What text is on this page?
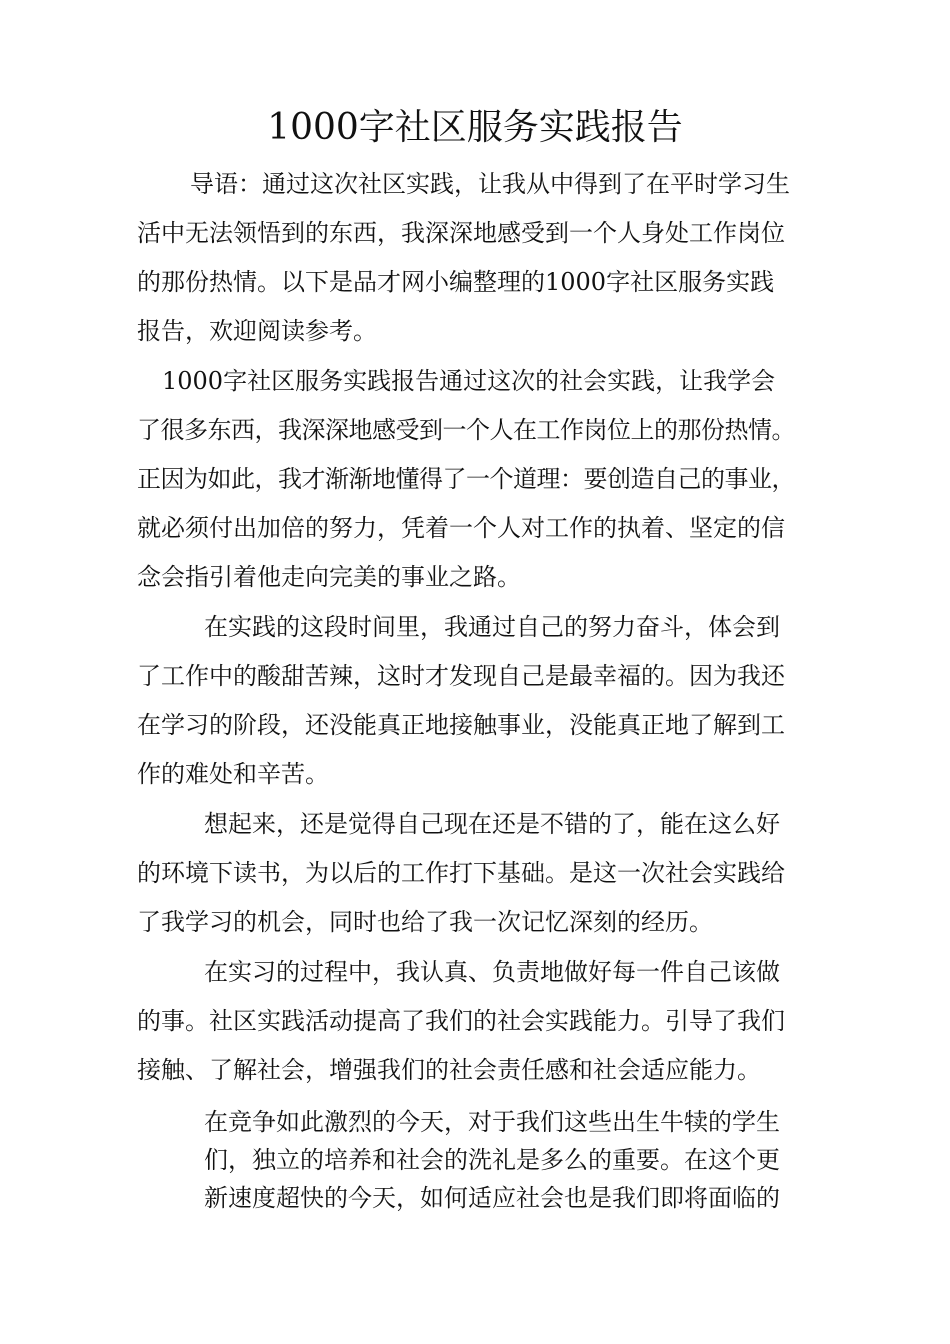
1000字社区服务实践报告
导语：通过这次社区实践，让我从中得到了在平时学习生
活中无法领悟到的东西，我深深地感受到一个人身处工作岗位
的那份热情。以下是品才网小编整理的1000字社区服务实践
报告，欢迎阅读参考。
1000字社区服务实践报告通过这次的社会实践，让我学会
了很多东西，我深深地感受到一个人在工作岗位上的那份热情。
正因为如此，我才渐渐地懂得了一个道理：要创造自己的事业，
就必须付出加倍的努力，凭着一个人对工作的执着、坚定的信
念会指引着他走向完美的事业之路。
在实践的这段时间里，我通过自己的努力奋斗，体会到
了工作中的酸甜苦辣，这时才发现自己是最幸福的。因为我还
在学习的阶段，还没能真正地接触事业，没能真正地了解到工
作的难处和辛苦。
想起来，还是觉得自己现在还是不错的了，能在这么好
的环境下读书，为以后的工作打下基础。是这一次社会实践给
了我学习的机会，同时也给了我一次记忆深刻的经历。
在实习的过程中，我认真、负责地做好每一件自己该做
的事。社区实践活动提高了我们的社会实践能力。引导了我们
接触、了解社会，增强我们的社会责任感和社会适应能力。
在竞争如此激烈的今天，对于我们这些出生牛犊的学生
们，独立的培养和社会的洗礼是多么的重要。在这个更
新速度超快的今天，如何适应社会也是我们即将面临的
